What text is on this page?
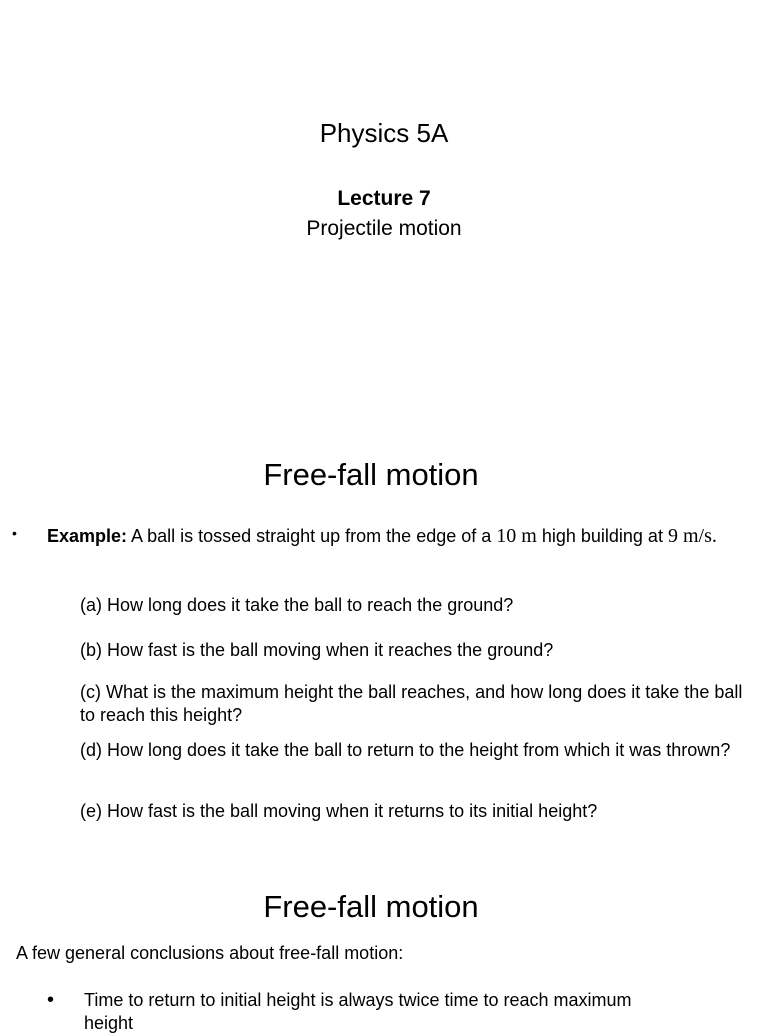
Physics 5A
Lecture 7
Projectile motion
Free-fall motion
• Example: A ball is tossed straight up from the edge of a 10 m high building at 9 m/s.
(a) How long does it take the ball to reach the ground?
(b) How fast is the ball moving when it reaches the ground?
(c) What is the maximum height the ball reaches, and how long does it take the ball to reach this height?
(d) How long does it take the ball to return to the height from which it was thrown?
(e) How fast is the ball moving when it returns to its initial height?
Free-fall motion
A few general conclusions about free-fall motion:
• Time to return to initial height is always twice time to reach maximum height
